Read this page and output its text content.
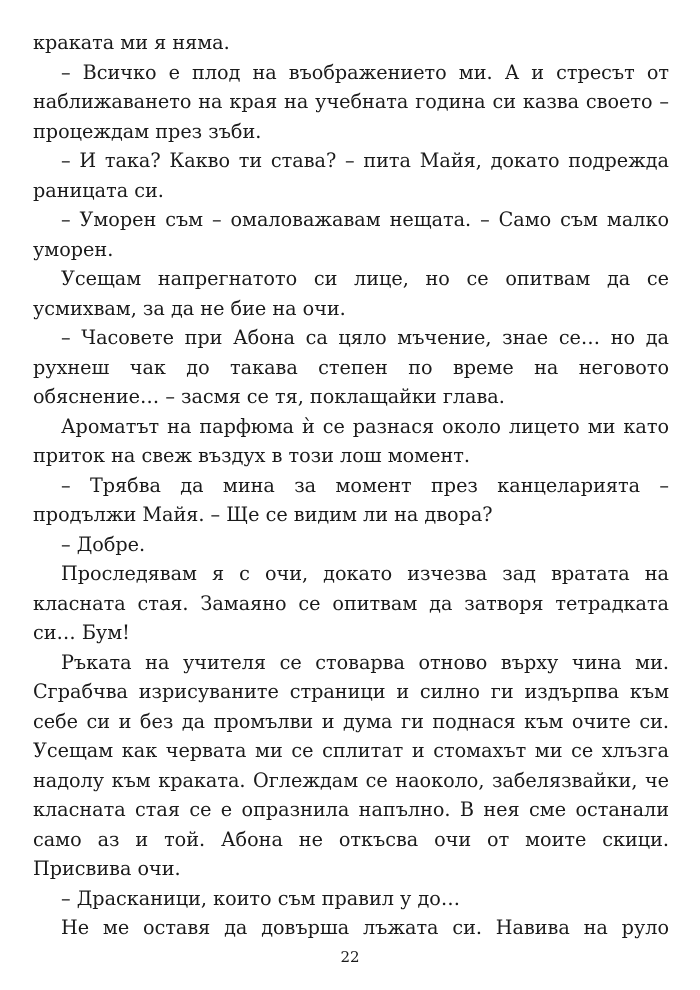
краката ми я няма.

– Всичко е плод на въображението ми. А и стресът от наближаването на края на учебната година си казва своето – процеждам през зъби.

– И така? Какво ти става? – пита Майя, докато подрежда раницата си.

– Уморен съм – омаловажавам нещата. – Само съм малко уморен.

Усещам напрегнатото си лице, но се опитвам да се усмихвам, за да не бие на очи.

– Часовете при Абона са цяло мъчение, знае се… но да рухнеш чак до такава степен по време на неговото обяснение… – засмя се тя, поклащайки глава.

Ароматът на парфюма ѝ се разнася около лицето ми като приток на свеж въздух в този лош момент.

– Трябва да мина за момент през канцеларията – продължи Майя. – Ще се видим ли на двора?

– Добре.

Проследявам я с очи, докато изчезва зад вратата на класната стая. Замаяно се опитвам да затворя тетрадката си… Бум!

Ръката на учителя се стоварва отново върху чина ми. Сграбчва изрисуваните страници и силно ги издърпва към себе си и без да промълви и дума ги поднася към очите си. Усещам как червата ми се сплитат и стомахът ми се хлъзга надолу към краката. Оглеждам се наоколо, забелязвайки, че класната стая се е опразнила напълно. В нея сме останали само аз и той. Абона не откъсва очи от моите скици. Присвива очи.

– Драсканици, които съм правил у до…

Не ме оставя да довърша лъжата си. Навива на руло

22
